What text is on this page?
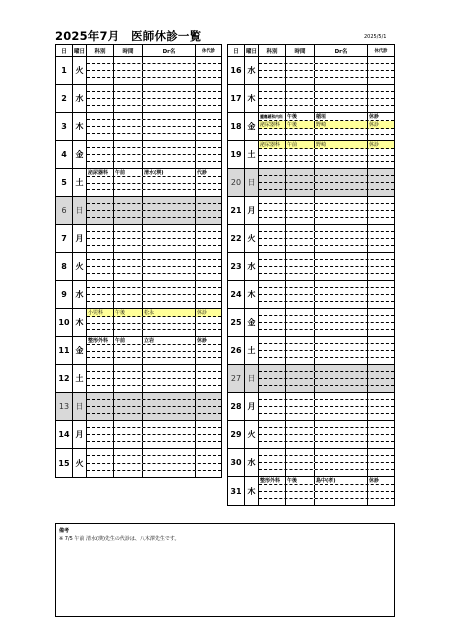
2025年7月　医師休診一覧	2025/5/1
日	曜日	科別	時間	Dr名	休代診
1	火
2	水
3	木
4	金
5	土
泌尿器科	午前	清水(瑛)	代診
6	日
7	月
8	火
9	水
10 木
小児科	午後	松永	休診
11 金
整形外科	午前	立岩	休診
12 土
13 日
14 月
15 火
日	曜日	科別	時間	Dr名	休代診
16 水
17 木
18 金
腫瘍緩和内科 午後	稲垣	休診
泌尿器科	午後	野崎	休診
19 土
泌尿器科	午前	野崎	休診
20 日
21 月
22 火
23 水
24 木
25 金
26 土
27 日
28 月
29 火
30 水
31 木
整形外科	午後	島中(孝)	休診
備考
※ 7/5 午前 清水(瑛)先生の代診は、八木澤先生です。
